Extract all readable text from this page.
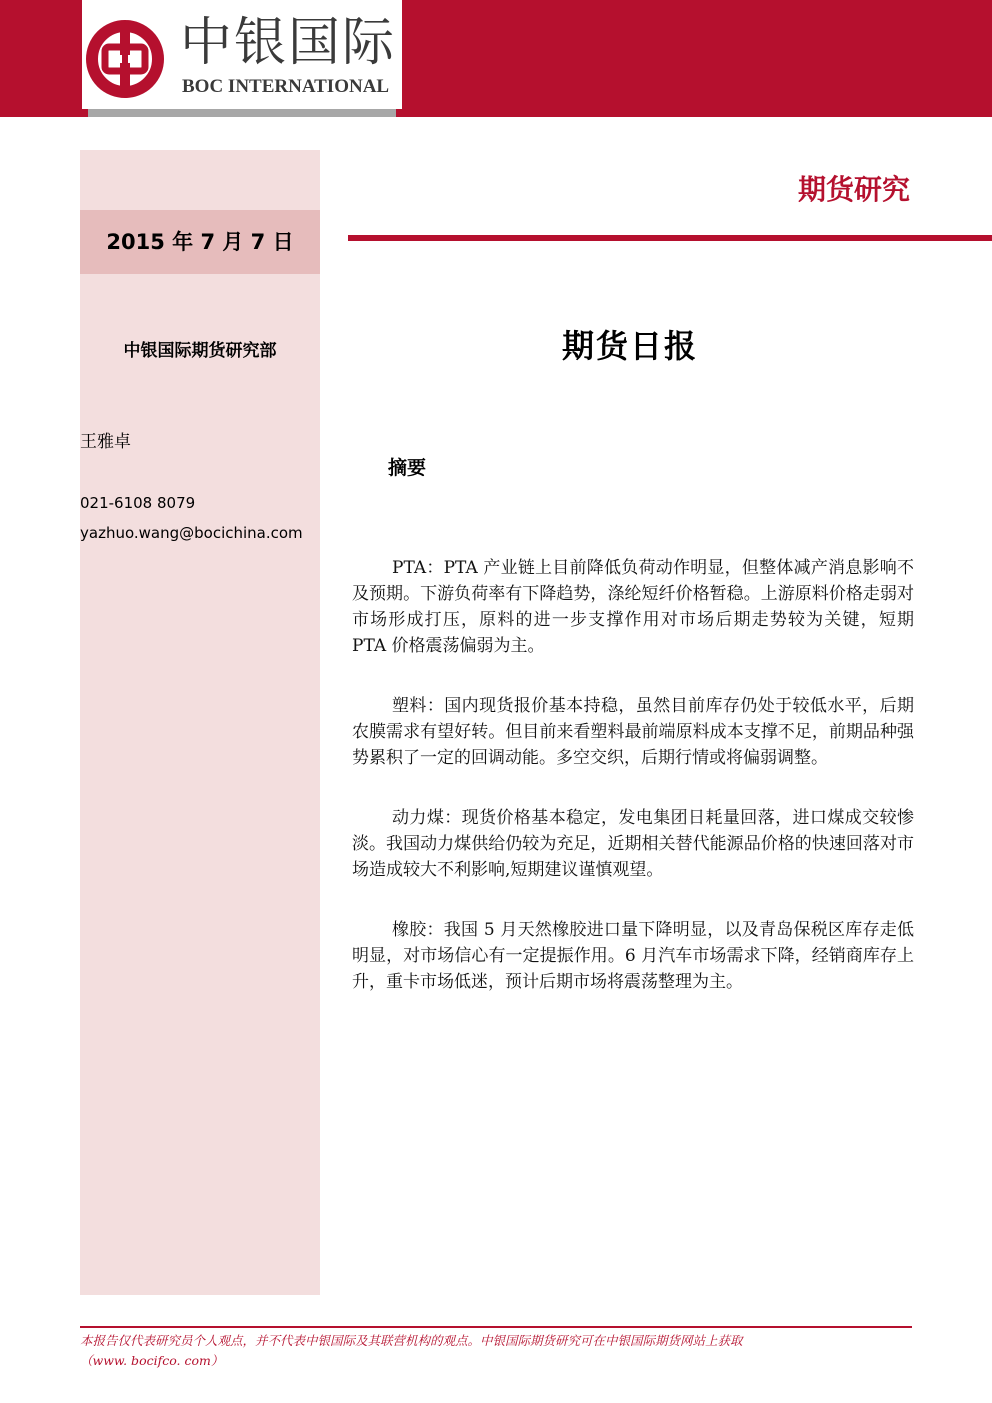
中银国际
BOC INTERNATIONAL
2015 年 7 月 7 日
中银国际期货研究部
王雅卓
021-6108 8079
yazhuo.wang@bocichina.com
期货研究
期货日报
摘要

PTA：PTA 产业链上目前降低负荷动作明显，但整体减产消息影响不及预期。下游负荷率有下降趋势，涤纶短纤价格暂稳。上游原料价格走弱对市场形成打压，原料的进一步支撑作用对市场后期走势较为关键，短期 PTA 价格震荡偏弱为主。

塑料：国内现货报价基本持稳，虽然目前库存仍处于较低水平，后期农膜需求有望好转。但目前来看塑料最前端原料成本支撑不足，前期品种强势累积了一定的回调动能。多空交织，后期行情或将偏弱调整。

动力煤：现货价格基本稳定，发电集团日耗量回落，进口煤成交较惨淡。我国动力煤供给仍较为充足，近期相关替代能源品价格的快速回落对市场造成较大不利影响,短期建议谨慎观望。

橡胶：我国 5 月天然橡胶进口量下降明显，以及青岛保税区库存走低明显，对市场信心有一定提振作用。6 月汽车市场需求下降，经销商库存上升，重卡市场低迷，预计后期市场将震荡整理为主。

本报告仅代表研究员个人观点，并不代表中银国际及其联营机构的观点。中银国际期货研究可在中银国际期货网站上获取
（www. bocifco. com）
